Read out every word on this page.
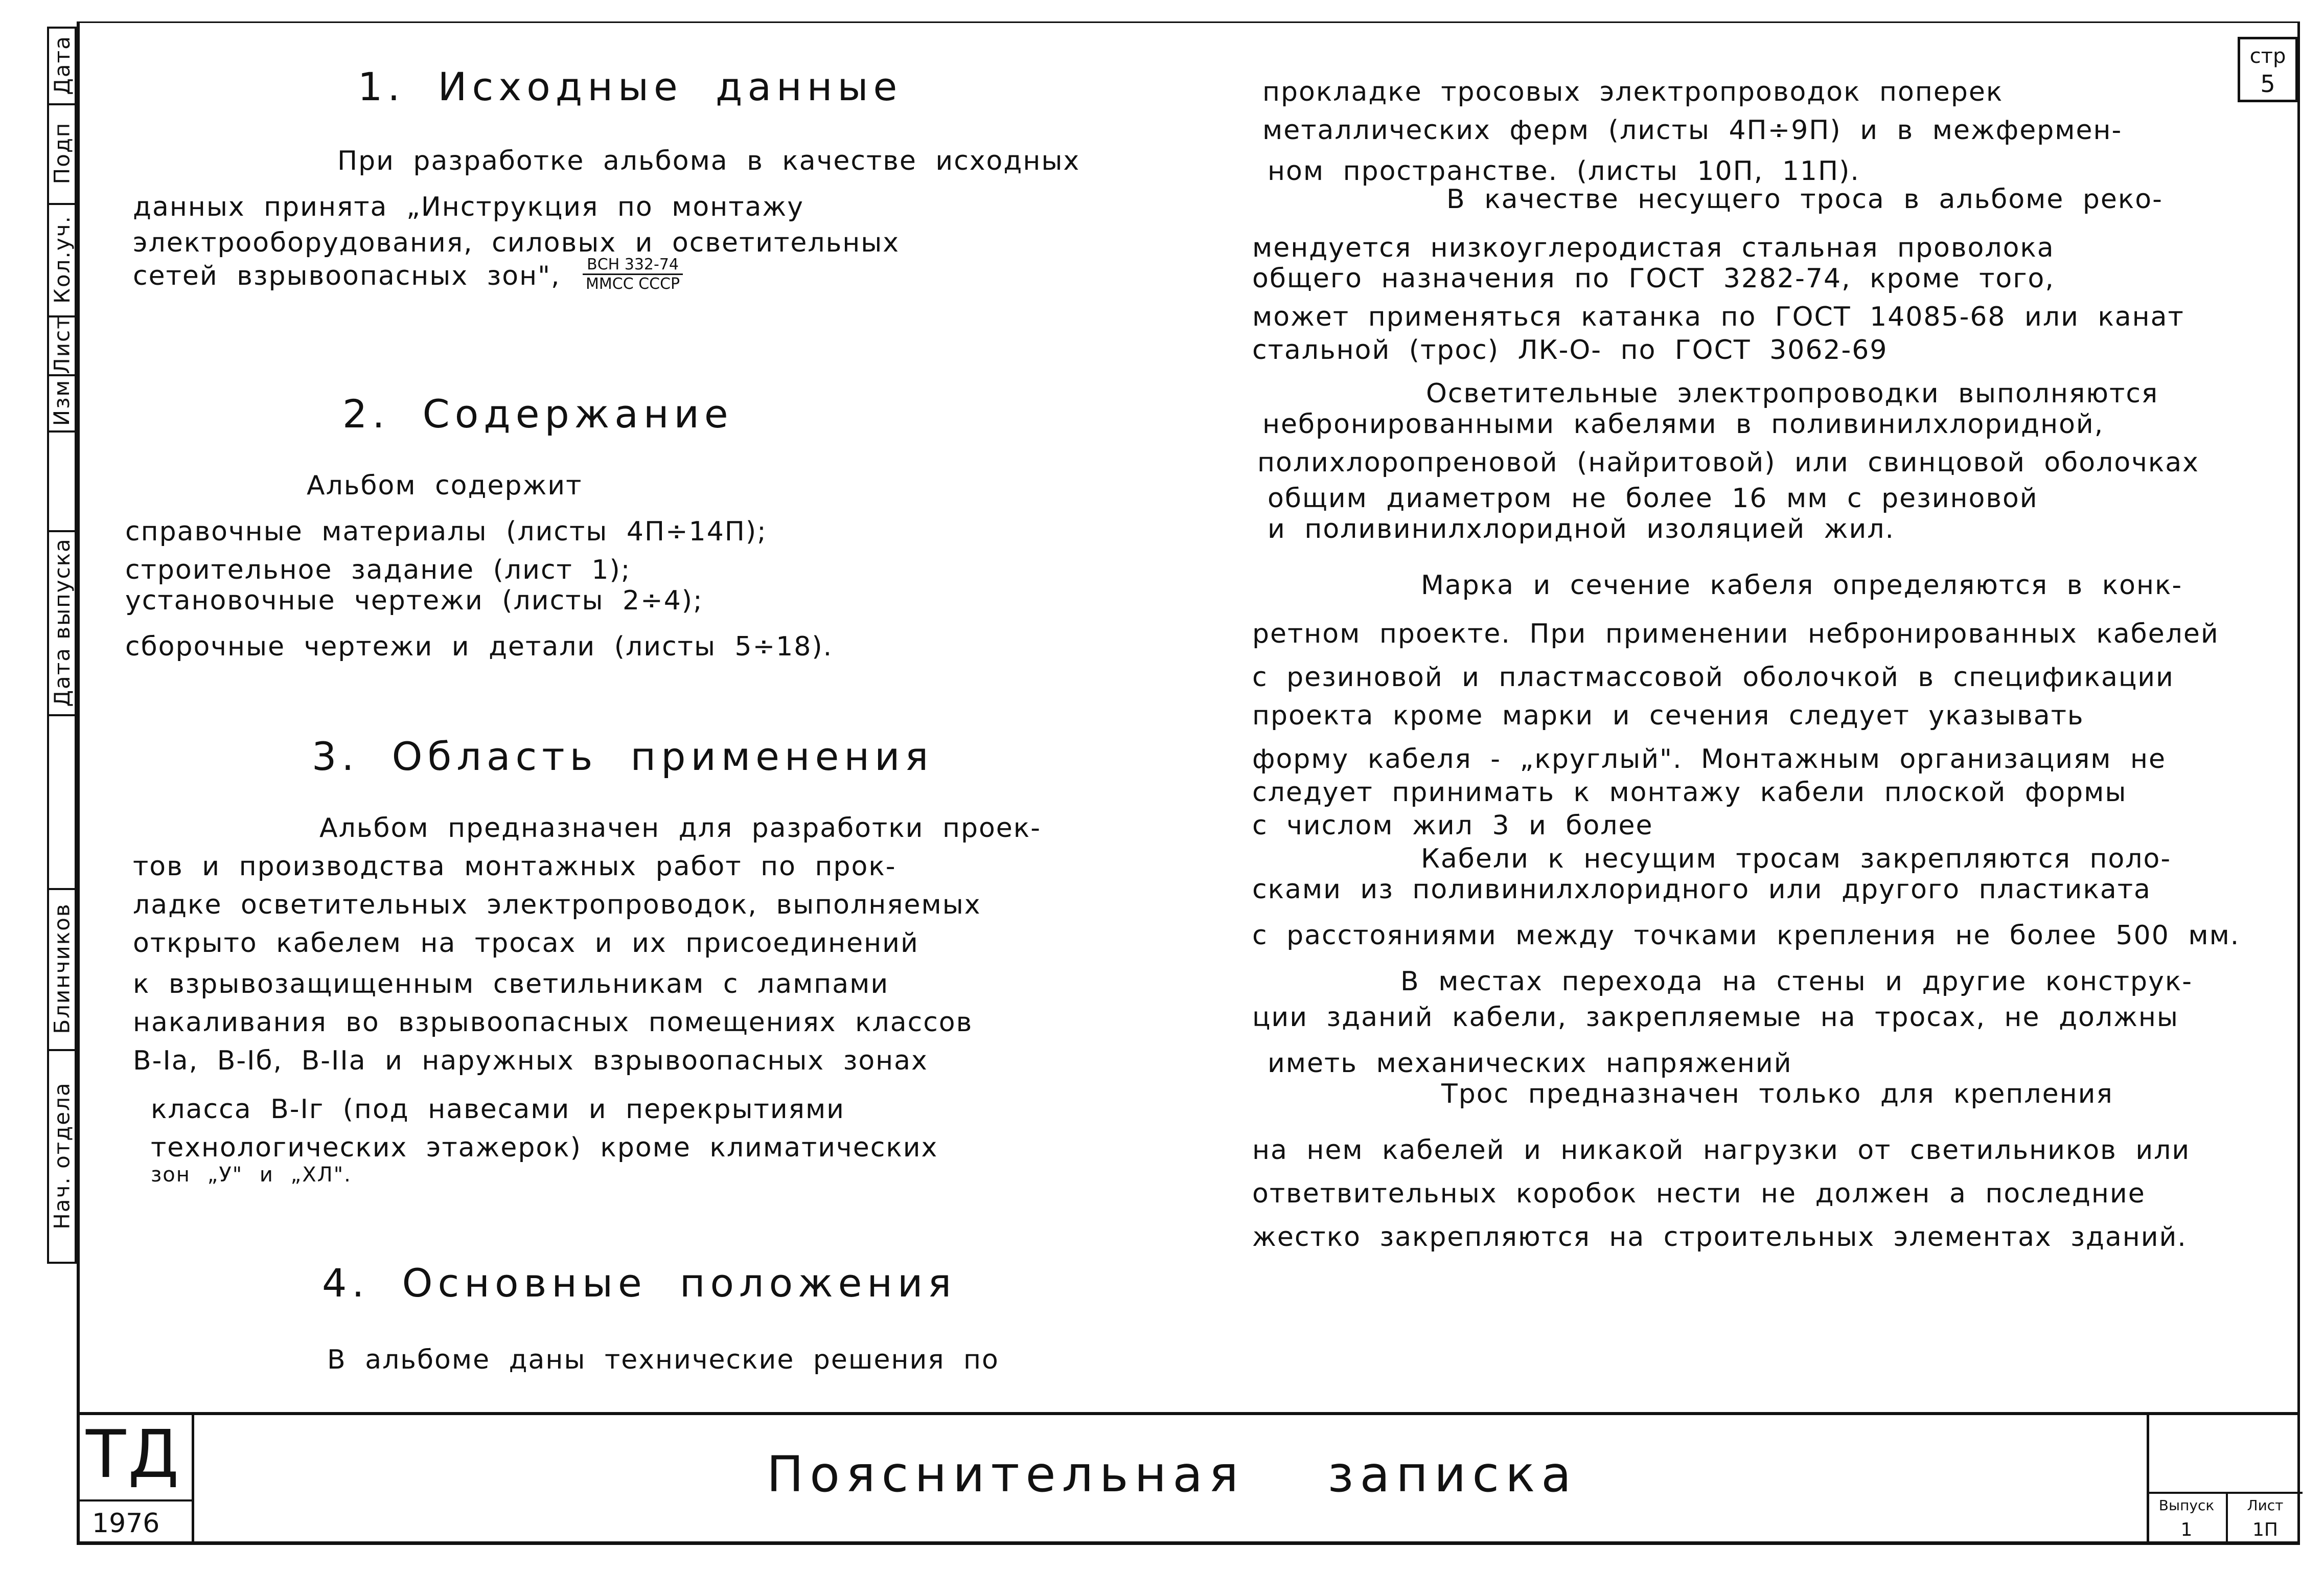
Дата
Подп
Кол.уч.
Лист
Изм
Дата выпуска
Блинчиков
Нач. отдела
стр
5
1. Исходные данные
При разработке альбома в качестве исходных
данных принята „Инструкция по монтажу
электрооборудования, силовых и осветительных
сетей взрывоопасных зон", ВСН 332-74
ММСС СССР
2. Содержание
Альбом содержит
справочные материалы (листы 4П÷14П);
строительное задание (лист 1);
установочные чертежи (листы 2÷4);
сборочные чертежи и детали (листы 5÷18).
3. Область применения
Альбом предназначен для разработки проек-
тов и производства монтажных работ по прок-
ладке осветительных электропроводок, выполняемых
открыто кабелем на тросах и их присоединений
к взрывозащищенным светильникам с лампами
накаливания во взрывоопасных помещениях классов
В-Iа, В-Iб, В-IIа и наружных взрывоопасных зонах
класса В-Iг (под навесами и перекрытиями
технологических этажерок) кроме климатических
зон „У" и „ХЛ".
4. Основные положения
В альбоме даны технические решения по
прокладке тросовых электропроводок поперек
металлических ферм (листы 4П÷9П) и в межфермен-
ном пространстве. (листы 10П, 11П).
В качестве несущего троса в альбоме реко-
мендуется низкоуглеродистая стальная проволока
общего назначения по ГОСТ 3282-74, кроме того,
может применяться катанка по ГОСТ 14085-68 или канат
стальной (трос) ЛК-О- по ГОСТ 3062-69
Осветительные электропроводки выполняются
небронированными кабелями в поливинилхлоридной,
полихлоропреновой (найритовой) или свинцовой оболочках
общим диаметром не более 16 мм с резиновой
и поливинилхлоридной изоляцией жил.
Марка и сечение кабеля определяются в конк-
ретном проекте. При применении небронированных кабелей
с резиновой и пластмассовой оболочкой в спецификации
проекта кроме марки и сечения следует указывать
форму кабеля - „круглый". Монтажным организациям не
следует принимать к монтажу кабели плоской формы
с числом жил 3 и более
Кабели к несущим тросам закрепляются поло-
сками из поливинилхлоридного или другого пластиката
с расстояниями между точками крепления не более 500 мм.
В местах перехода на стены и другие конструк-
ции зданий кабели, закрепляемые на тросах, не должны
иметь механических напряжений
Трос предназначен только для крепления
на нем кабелей и никакой нагрузки от светильников или
ответвительных коробок нести не должен а последние
жестко закрепляются на строительных элементах зданий.
ТД
1976
Пояснительная записка
Выпуск
1
Лист
1П
